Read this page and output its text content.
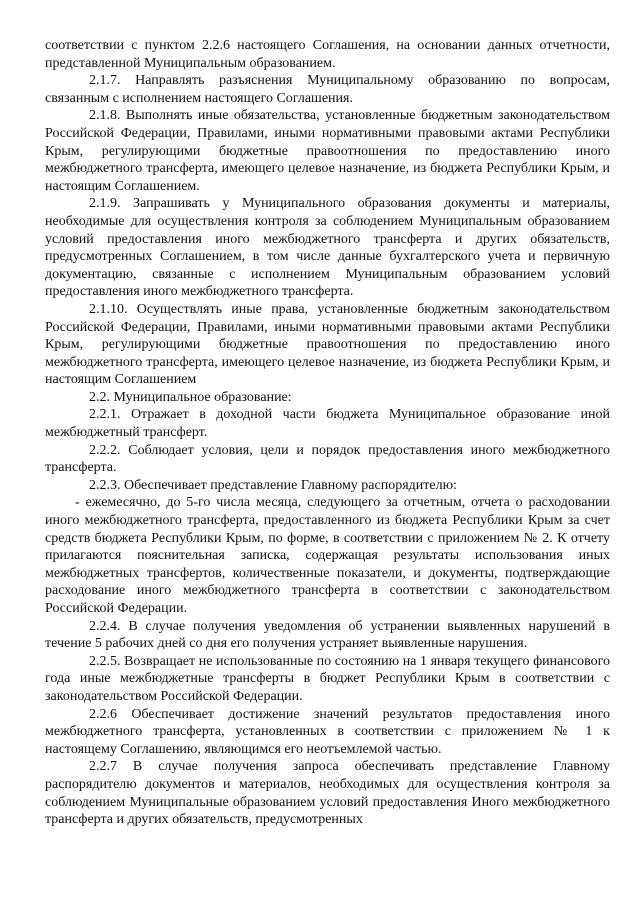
соответствии с пунктом 2.2.6 настоящего Соглашения, на основании данных отчетности, представленной Муниципальным образованием.

2.1.7. Направлять разъяснения Муниципальному образованию по вопросам, связанным с исполнением настоящего Соглашения.

2.1.8. Выполнять иные обязательства, установленные бюджетным законодательством Российской Федерации, Правилами, иными нормативными правовыми актами Республики Крым, регулирующими бюджетные правоотношения по предоставлению иного межбюджетного трансферта, имеющего целевое назначение, из бюджета Республики Крым, и настоящим Соглашением.

2.1.9. Запрашивать у Муниципального образования документы и материалы, необходимые для осуществления контроля за соблюдением Муниципальным образованием условий предоставления иного межбюджетного трансферта и других обязательств, предусмотренных Соглашением, в том числе данные бухгалтерского учета и первичную документацию, связанные с исполнением Муниципальным образованием условий предоставления иного межбюджетного трансферта.

2.1.10. Осуществлять иные права, установленные бюджетным законодательством Российской Федерации, Правилами, иными нормативными правовыми актами Республики Крым, регулирующими бюджетные правоотношения по предоставлению иного межбюджетного трансферта, имеющего целевое назначение, из бюджета Республики Крым, и настоящим Соглашением

2.2. Муниципальное образование:

2.2.1. Отражает в доходной части бюджета Муниципальное образование иной межбюджетный трансферт.

2.2.2. Соблюдает условия, цели и порядок предоставления иного межбюджетного трансферта.

2.2.3. Обеспечивает представление Главному распорядителю:

- ежемесячно, до 5-го числа месяца, следующего за отчетным, отчета о расходовании иного межбюджетного трансферта, предоставленного из бюджета Республики Крым за счет средств бюджета Республики Крым, по форме, в соответствии с приложением № 2. К отчету прилагаются пояснительная записка, содержащая результаты использования иных межбюджетных трансфертов, количественные показатели, и документы, подтверждающие расходование иного межбюджетного трансферта в соответствии с законодательством Российской Федерации.

2.2.4. В случае получения уведомления об устранении выявленных нарушений в течение 5 рабочих дней со дня его получения устраняет выявленные нарушения.

2.2.5. Возвращает не использованные по состоянию на 1 января текущего финансового года иные межбюджетные трансферты в бюджет Республики Крым в соответствии с законодательством Российской Федерации.

2.2.6 Обеспечивает достижение значений результатов предоставления иного межбюджетного трансферта, установленных в соответствии с приложением № 1 к настоящему Соглашению, являющимся его неотъемлемой частью.

2.2.7 В случае получения запроса обеспечивать представление Главному распорядителю документов и материалов, необходимых для осуществления контроля за соблюдением Муниципальные образованием условий предоставления Иного межбюджетного трансферта и других обязательств, предусмотренных
